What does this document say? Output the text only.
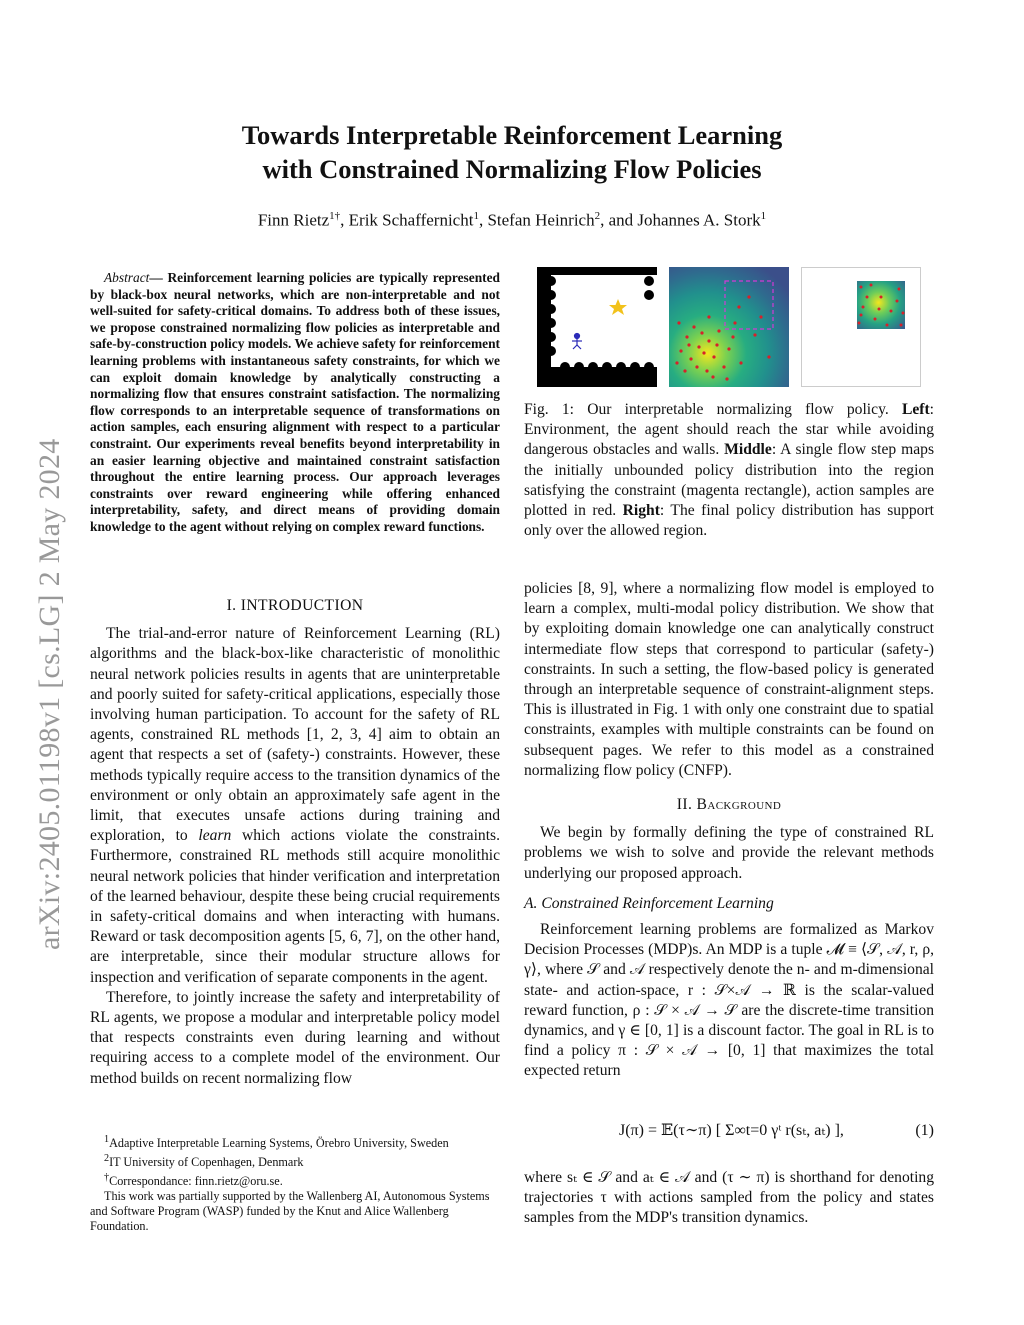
arXiv:2405.01198v1 [cs.LG] 2 May 2024
Towards Interpretable Reinforcement Learning
with Constrained Normalizing Flow Policies
Finn Rietz$^{1\dagger}$, Erik Schaffernicht$^1$, Stefan Heinrich$^2$, and Johannes A. Stork$^1$
Abstract— Reinforcement learning policies are typically represented by black-box neural networks, which are non-interpretable and not well-suited for safety-critical domains. To address both of these issues, we propose constrained normalizing flow policies as interpretable and safe-by-construction policy models. We achieve safety for reinforcement learning problems with instantaneous safety constraints, for which we can exploit domain knowledge by analytically constructing a normalizing flow that ensures constraint satisfaction. The normalizing flow corresponds to an interpretable sequence of transformations on action samples, each ensuring alignment with respect to a particular constraint. Our experiments reveal benefits beyond interpretability in an easier learning objective and maintained constraint satisfaction throughout the entire learning process. Our approach leverages constraints over reward engineering while offering enhanced interpretability, safety, and direct means of providing domain knowledge to the agent without relying on complex reward functions.
I. INTRODUCTION

The trial-and-error nature of Reinforcement Learning (RL) algorithms and the black-box-like characteristic of monolithic neural network policies results in agents that are uninterpretable and poorly suited for safety-critical applications, especially those involving human participation. To account for the safety of RL agents, constrained RL methods [1, 2, 3, 4] aim to obtain an agent that respects a set of (safety-) constraints. However, these methods typically require access to the transition dynamics of the environment or only obtain an approximately safe agent in the limit, that executes unsafe actions during training and exploration, to learn which actions violate the constraints. Furthermore, constrained RL methods still acquire monolithic neural network policies that hinder verification and interpretation of the learned behaviour, despite these being crucial requirements in safety-critical domains and when interacting with humans. Reward or task decomposition agents [5, 6, 7], on the other hand, are interpretable, since their modular structure allows for inspection and verification of separate components in the agent.

Therefore, to jointly increase the safety and interpretability of RL agents, we propose a modular and interpretable policy model that respects constraints even during learning and without requiring access to a complete model of the environment. Our method builds on recent normalizing flow

$^1$Adaptive Interpretable Learning Systems, Örebro University, Sweden
$^2$IT University of Copenhagen, Denmark
†Correspondance: finn.rietz@oru.se.
This work was partially supported by the Wallenberg AI, Autonomous Systems and Software Program (WASP) funded by the Knut and Alice Wallenberg Foundation.
Fig. 1: Our interpretable normalizing flow policy. Left: Environment, the agent should reach the star while avoiding dangerous obstacles and walls. Middle: A single flow step maps the initially unbounded policy distribution into the region satisfying the constraint (magenta rectangle), action samples are plotted in red. Right: The final policy distribution has support only over the allowed region.

policies [8, 9], where a normalizing flow model is employed to learn a complex, multi-modal policy distribution. We show that by exploiting domain knowledge one can analytically construct intermediate flow steps that correspond to particular (safety-) constraints. In such a setting, the flow-based policy is generated through an interpretable sequence of constraint-alignment steps. This is illustrated in Fig. 1 with only one constraint due to spatial constraints, examples with multiple constraints can be found on subsequent pages. We refer to this model as a constrained normalizing flow policy (CNFP).

II. Background

We begin by formally defining the type of constrained RL problems we wish to solve and provide the relevant methods underlying our proposed approach.

A. Constrained Reinforcement Learning

Reinforcement learning problems are formalized as Markov Decision Processes (MDP)s. An MDP is a tuple 𝓜 ≡ ⟨𝒮, 𝒜, r, ρ, γ⟩, where 𝒮 and 𝒜 respectively denote the n- and m-dimensional state- and action-space, r : 𝒮×𝒜 → ℝ is the scalar-valued reward function, ρ : 𝒮 × 𝒜 → 𝒮 are the discrete-time transition dynamics, and γ ∈ [0, 1] is a discount factor. The goal in RL is to find a policy π : 𝒮 × 𝒜 → [0, 1] that maximizes the total expected return

J(π) = 𝔼(τ∼π) [ Σ∞t=0 γᵗ r(sₜ, aₜ) ],	(1)

where sₜ ∈ 𝒮 and aₜ ∈ 𝒜 and (τ ∼ π) is shorthand for denoting trajectories τ with actions sampled from the policy and states samples from the MDP's transition dynamics.
